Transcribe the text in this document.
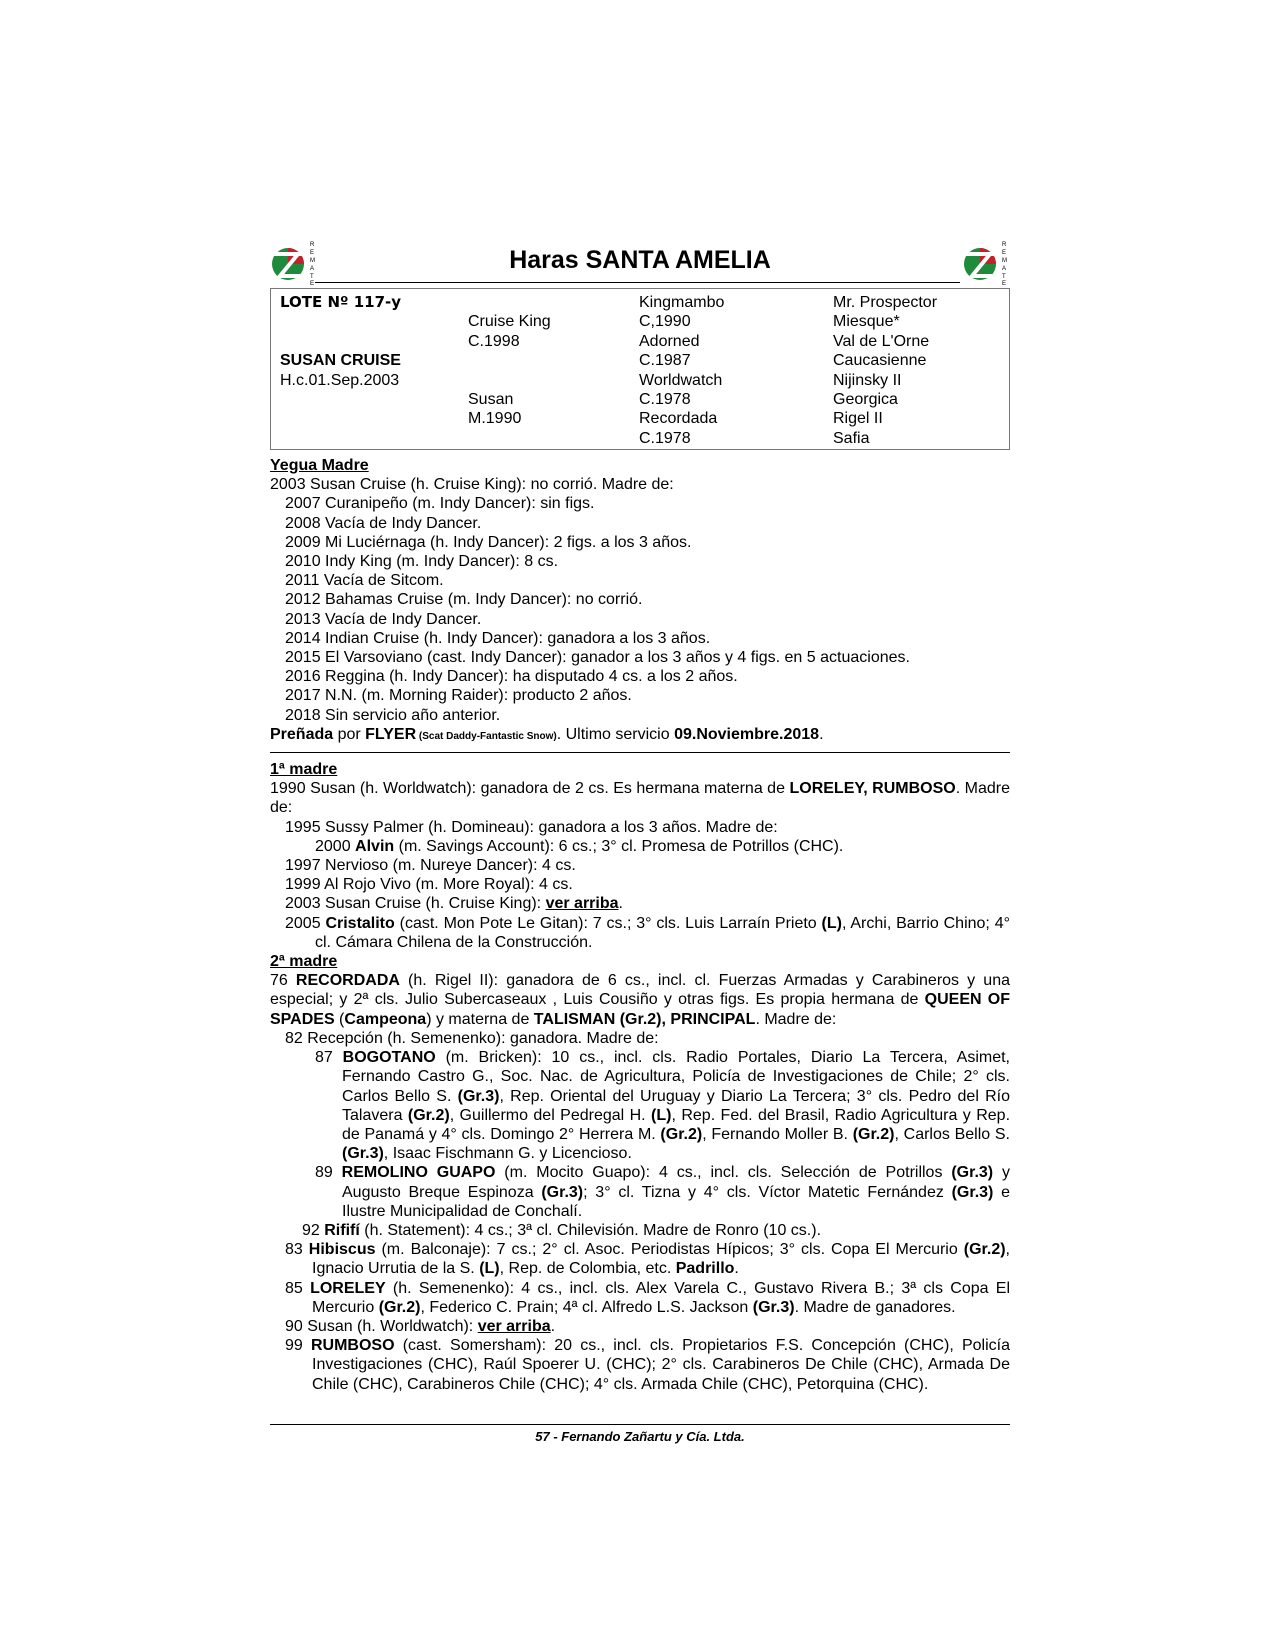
R
E
M
A
T
E
Haras SANTA AMELIA
R
E
M
A
T
E
LOTE Nº 117-y
SUSAN CRUISE
H.c.01.Sep.2003
Cruise King
C.1998
Susan
M.1990
Kingmambo
C,1990
Adorned
C.1987
Worldwatch
C.1978
Recordada
C.1978
Mr. Prospector
Miesque*
Val de L'Orne
Caucasienne
Nijinsky II
Georgica
Rigel II
Safia
Yegua Madre

2003 Susan Cruise (h. Cruise King): no corrió. Madre de:

2007 Curanipeño (m. Indy Dancer): sin figs.

2008 Vacía de Indy Dancer.

2009 Mi Luciérnaga (h. Indy Dancer): 2 figs. a los 3 años.

2010 Indy King (m. Indy Dancer): 8 cs.

2011 Vacía de Sitcom.

2012 Bahamas Cruise (m. Indy Dancer): no corrió.

2013 Vacía de Indy Dancer.

2014 Indian Cruise (h. Indy Dancer): ganadora a los 3 años.

2015 El Varsoviano (cast. Indy Dancer): ganador a los 3 años y 4 figs. en 5 actuaciones.

2016 Reggina (h. Indy Dancer): ha disputado 4 cs. a los 2 años.

2017 N.N. (m. Morning Raider): producto 2 años.

2018 Sin servicio año anterior.

Preñada por FLYER (Scat Daddy-Fantastic Snow). Ultimo servicio 09.Noviembre.2018.

1ª madre

1990 Susan (h. Worldwatch): ganadora de 2 cs. Es hermana materna de LORELEY, RUMBOSO. Madre de:

1995 Sussy Palmer (h. Domineau): ganadora a los 3 años. Madre de:

2000 Alvin (m. Savings Account): 6 cs.; 3° cl. Promesa de Potrillos (CHC).

1997 Nervioso (m. Nureye Dancer): 4 cs.

1999 Al Rojo Vivo (m. More Royal): 4 cs.

2003 Susan Cruise (h. Cruise King): ver arriba.

2005 Cristalito (cast. Mon Pote Le Gitan): 7 cs.; 3° cls. Luis Larraín Prieto (L), Archi, Barrio Chino; 4° cl. Cámara Chilena de la Construcción.

2ª madre

76 RECORDADA (h. Rigel II): ganadora de 6 cs., incl. cl. Fuerzas Armadas y Carabineros y una especial; y 2ª cls. Julio Subercaseaux , Luis Cousiño y otras figs. Es propia hermana de QUEEN OF SPADES (Campeona) y materna de TALISMAN (Gr.2), PRINCIPAL. Madre de:

82 Recepción (h. Semenenko): ganadora. Madre de:

87 BOGOTANO (m. Bricken): 10 cs., incl. cls. Radio Portales, Diario La Tercera, Asimet, Fernando Castro G., Soc. Nac. de Agricultura, Policía de Investigaciones de Chile; 2° cls. Carlos Bello S. (Gr.3), Rep. Oriental del Uruguay y Diario La Tercera; 3° cls. Pedro del Río Talavera (Gr.2), Guillermo del Pedregal H. (L), Rep. Fed. del Brasil, Radio Agricultura y Rep. de Panamá y 4° cls. Domingo 2° Herrera M. (Gr.2), Fernando Moller B. (Gr.2), Carlos Bello S. (Gr.3), Isaac Fischmann G. y Licencioso.

89 REMOLINO GUAPO (m. Mocito Guapo): 4 cs., incl. cls. Selección de Potrillos (Gr.3) y Augusto Breque Espinoza (Gr.3); 3° cl. Tizna y 4° cls. Víctor Matetic Fernández (Gr.3) e Ilustre Municipalidad de Conchalí.

92 Rififí (h. Statement): 4 cs.; 3ª cl. Chilevisión. Madre de Ronro (10 cs.).

83 Hibiscus (m. Balconaje): 7 cs.; 2° cl. Asoc. Periodistas Hípicos; 3° cls. Copa El Mercurio (Gr.2), Ignacio Urrutia de la S. (L), Rep. de Colombia, etc. Padrillo.

85 LORELEY (h. Semenenko): 4 cs., incl. cls. Alex Varela C., Gustavo Rivera B.; 3ª cls Copa El Mercurio (Gr.2), Federico C. Prain; 4ª cl. Alfredo L.S. Jackson (Gr.3). Madre de ganadores.

90 Susan (h. Worldwatch): ver arriba.

99 RUMBOSO (cast. Somersham): 20 cs., incl. cls. Propietarios F.S. Concepción (CHC), Policía Investigaciones (CHC), Raúl Spoerer U. (CHC); 2° cls. Carabineros De Chile (CHC), Armada De Chile (CHC), Carabineros Chile (CHC); 4° cls. Armada Chile (CHC), Petorquina (CHC).

57 - Fernando Zañartu y Cía. Ltda.
